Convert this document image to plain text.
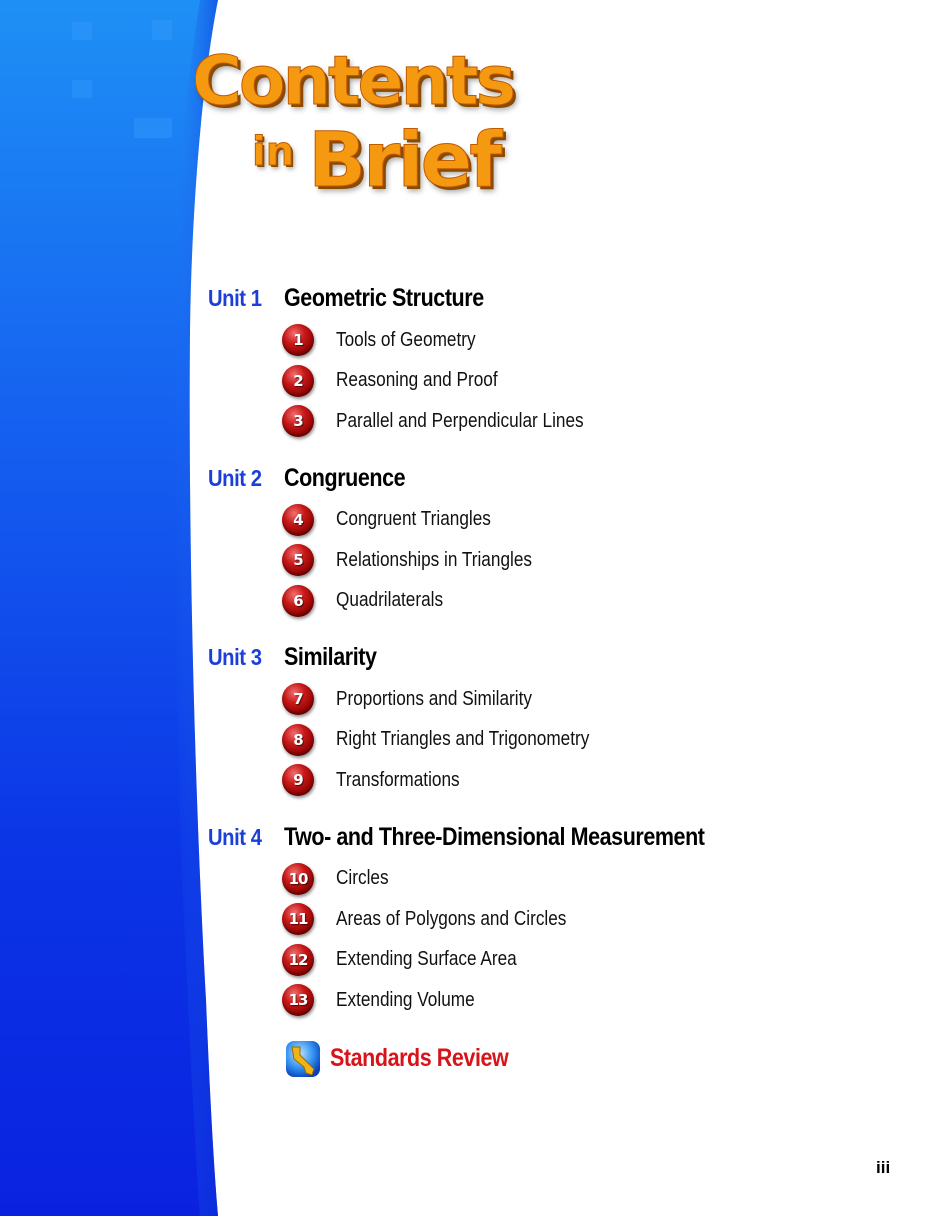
Contents
in Brief
Unit 1 Geometric Structure
1 Tools of Geometry
2 Reasoning and Proof
3 Parallel and Perpendicular Lines
Unit 2 Congruence
4 Congruent Triangles
5 Relationships in Triangles
6 Quadrilaterals
Unit 3 Similarity
7 Proportions and Similarity
8 Right Triangles and Trigonometry
9 Transformations
Unit 4 Two- and Three-Dimensional Measurement
10 Circles
11 Areas of Polygons and Circles
12 Extending Surface Area
13 Extending Volume
Standards Review
iii
